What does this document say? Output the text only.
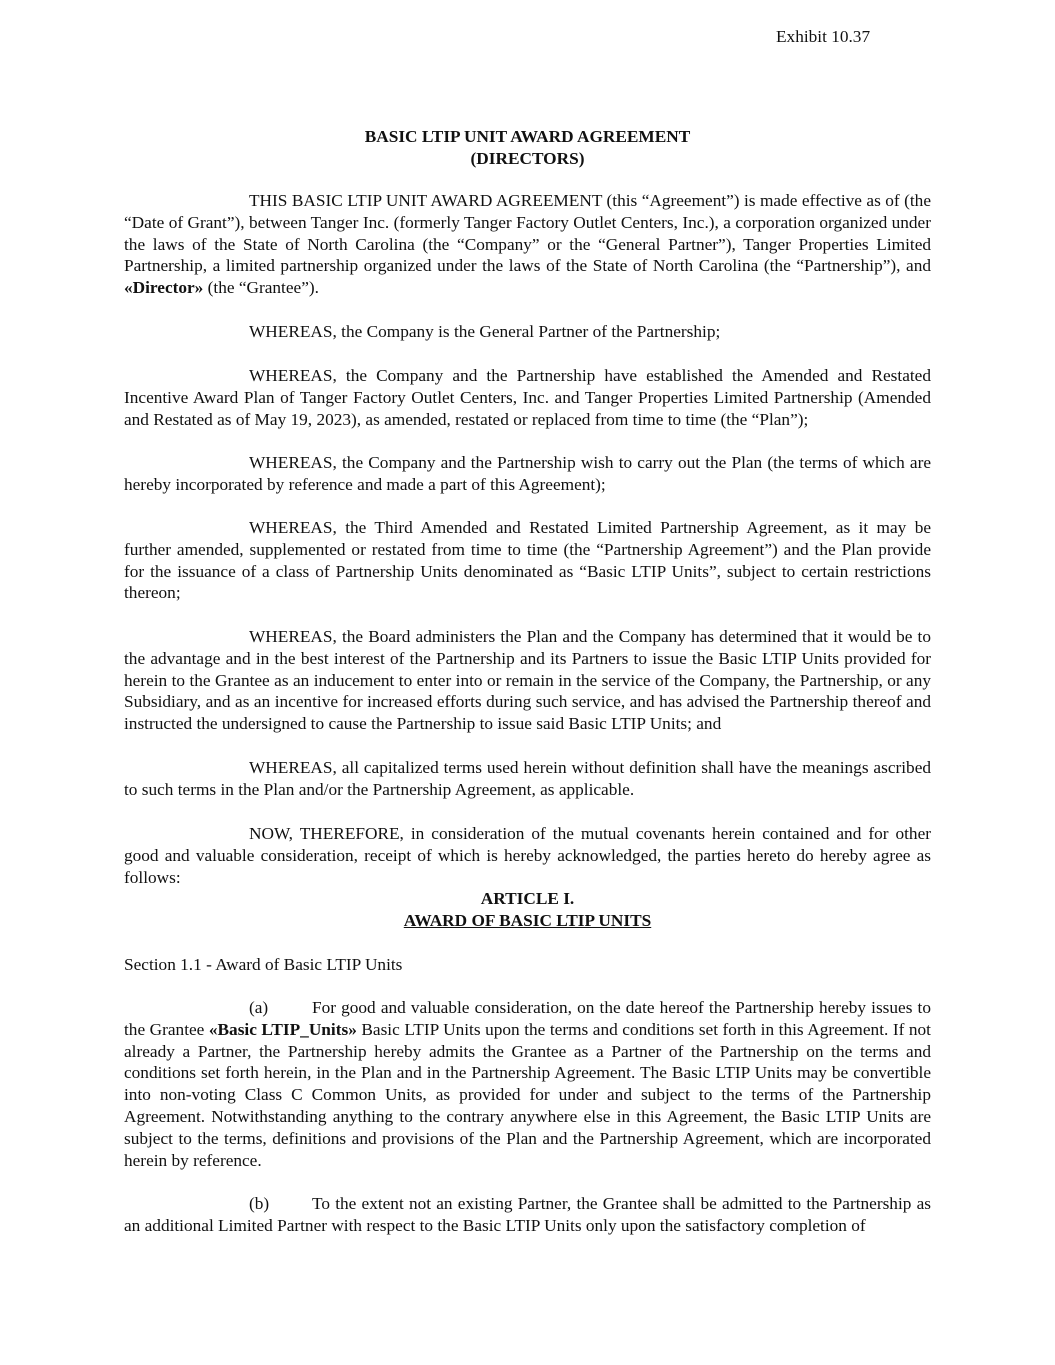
Exhibit 10.37
BASIC LTIP UNIT AWARD AGREEMENT
(DIRECTORS)
THIS BASIC LTIP UNIT AWARD AGREEMENT (this “Agreement”) is made effective as of (the “Date of Grant”), between Tanger Inc. (formerly Tanger Factory Outlet Centers, Inc.), a corporation organized under the laws of the State of North Carolina (the “Company” or the “General Partner”), Tanger Properties Limited Partnership, a limited partnership organized under the laws of the State of North Carolina (the “Partnership”), and «Director» (the “Grantee”).
WHEREAS, the Company is the General Partner of the Partnership;
WHEREAS, the Company and the Partnership have established the Amended and Restated Incentive Award Plan of Tanger Factory Outlet Centers, Inc. and Tanger Properties Limited Partnership (Amended and Restated as of May 19, 2023), as amended, restated or replaced from time to time (the “Plan”);
WHEREAS, the Company and the Partnership wish to carry out the Plan (the terms of which are hereby incorporated by reference and made a part of this Agreement);
WHEREAS, the Third Amended and Restated Limited Partnership Agreement, as it may be further amended, supplemented or restated from time to time (the “Partnership Agreement”) and the Plan provide for the issuance of a class of Partnership Units denominated as “Basic LTIP Units”, subject to certain restrictions thereon;
WHEREAS, the Board administers the Plan and the Company has determined that it would be to the advantage and in the best interest of the Partnership and its Partners to issue the Basic LTIP Units provided for herein to the Grantee as an inducement to enter into or remain in the service of the Company, the Partnership, or any Subsidiary, and as an incentive for increased efforts during such service, and has advised the Partnership thereof and instructed the undersigned to cause the Partnership to issue said Basic LTIP Units; and
WHEREAS, all capitalized terms used herein without definition shall have the meanings ascribed to such terms in the Plan and/or the Partnership Agreement, as applicable.
NOW, THEREFORE, in consideration of the mutual covenants herein contained and for other good and valuable consideration, receipt of which is hereby acknowledged, the parties hereto do hereby agree as follows:
ARTICLE I.
AWARD OF BASIC LTIP UNITS
Section 1.1 - Award of Basic LTIP Units
(a)	For good and valuable consideration, on the date hereof the Partnership hereby issues to the Grantee «Basic LTIP_Units» Basic LTIP Units upon the terms and conditions set forth in this Agreement. If not already a Partner, the Partnership hereby admits the Grantee as a Partner of the Partnership on the terms and conditions set forth herein, in the Plan and in the Partnership Agreement. The Basic LTIP Units may be convertible into non-voting Class C Common Units, as provided for under and subject to the terms of the Partnership Agreement. Notwithstanding anything to the contrary anywhere else in this Agreement, the Basic LTIP Units are subject to the terms, definitions and provisions of the Plan and the Partnership Agreement, which are incorporated herein by reference.
(b) To the extent not an existing Partner, the Grantee shall be admitted to the Partnership as an additional Limited Partner with respect to the Basic LTIP Units only upon the satisfactory completion of
